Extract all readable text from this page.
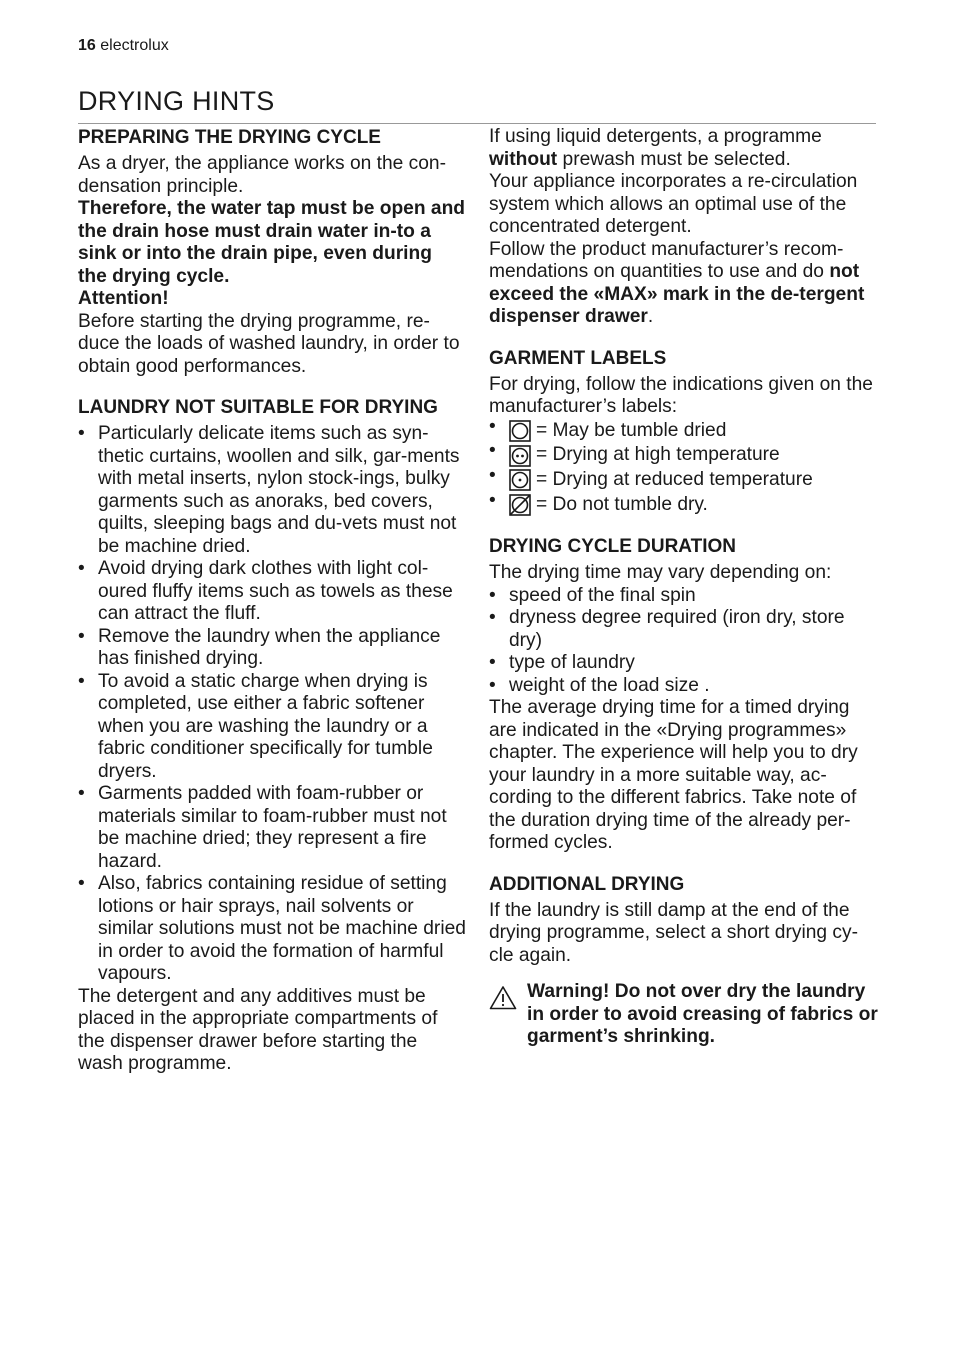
16 electrolux
DRYING HINTS
PREPARING THE DRYING CYCLE

As a dryer, the appliance works on the con-densation principle.

Therefore, the water tap must be open and the drain hose must drain water in-to a sink or into the drain pipe, even during the drying cycle.

Attention!

Before starting the drying programme, re-duce the loads of washed laundry, in order to obtain good performances.

LAUNDRY NOT SUITABLE FOR DRYING
• Particularly delicate items such as syn-thetic curtains, woollen and silk, gar-ments with metal inserts, nylon stock-ings, bulky garments such as anoraks, bed covers, quilts, sleeping bags and du-vets must not be machine dried.
• Avoid drying dark clothes with light col-oured fluffy items such as towels as these can attract the fluff.
• Remove the laundry when the appliance has finished drying.
• To avoid a static charge when drying is completed, use either a fabric softener when you are washing the laundry or a fabric conditioner specifically for tumble dryers.
• Garments padded with foam-rubber or materials similar to foam-rubber must not be machine dried; they represent a fire hazard.
• Also, fabrics containing residue of setting lotions or hair sprays, nail solvents or similar solutions must not be machine dried in order to avoid the formation of harmful vapours.

The detergent and any additives must be placed in the appropriate compartments of the dispenser drawer before starting the wash programme.

If using liquid detergents, a programme without prewash must be selected.

Your appliance incorporates a re-circulation system which allows an optimal use of the concentrated detergent.

Follow the product manufacturer’s recom-mendations on quantities to use and do not exceed the «MAX» mark in the de-tergent dispenser drawer.

GARMENT LABELS

For drying, follow the indications given on the manufacturer’s labels:

• = May be tumble dried
• = Drying at high temperature
• = Drying at reduced temperature
• = Do not tumble dry.
DRYING CYCLE DURATION

The drying time may vary depending on:

• speed of the final spin
• dryness degree required (iron dry, store dry)
• type of laundry
• weight of the load size .

The average drying time for a timed drying are indicated in the «Drying programmes» chapter. The experience will help you to dry your laundry in a more suitable way, ac-cording to the different fabrics. Take note of the duration drying time of the already per-formed cycles.

ADDITIONAL DRYING

If the laundry is still damp at the end of the drying programme, select a short drying cy-cle again.

Warning! Do not over dry the laundry in order to avoid creasing of fabrics or garment’s shrinking.
